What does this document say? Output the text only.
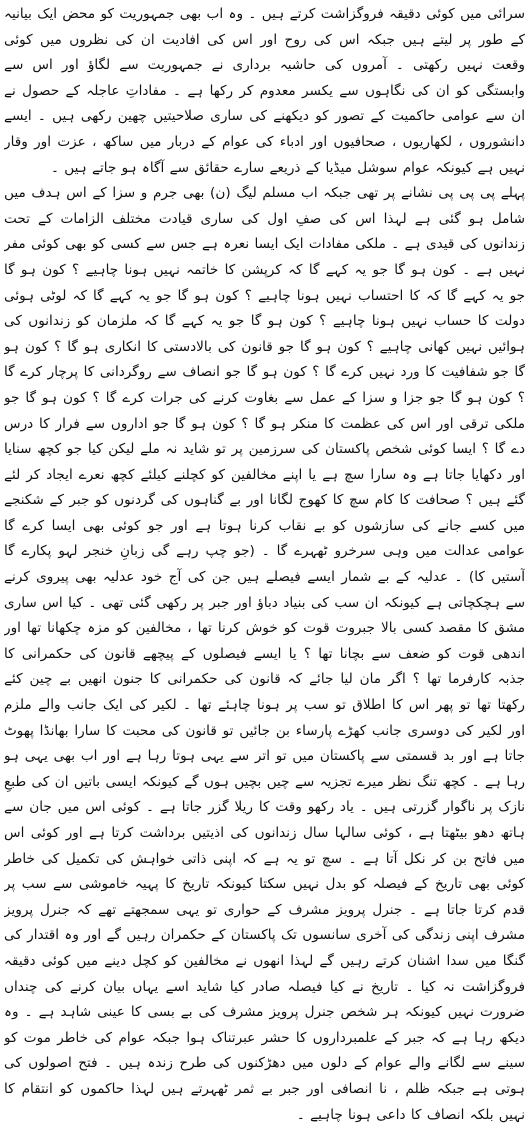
سرائی میں کوئی دقیقہ فروگزاشت کرتے ہیں ۔ وہ اب بھی جمہوریت کو محض ایک بیانیہ کے طور پر لیتے ہیں جبکہ اس کی روح اور اس کی افادیت ان کی نظروں میں کوئی وقعت نہیں رکھتی ۔ آمروں کی حاشیہ برداری نے جمہوریت سے لگاؤ اور اس سے وابستگی کو ان کی نگاہوں سے یکسر معدوم کر رکھا ہے ۔ مفاداتِ عاجلہ کے حصول نے ان سے عوامی حاکمیت کے تصور کو دیکھنے کی ساری صلاحیتیں چھین رکھی ہیں ۔ ایسے دانشوروں ، لکھاریوں ، صحافیوں اور ادباء کی عوام کے دربار میں ساکھ ، عزت اور وقار نہیں ہے کیونکہ عوام سوشل میڈیا کے ذریعے سارے حقائق سے آگاہ ہو جاتے ہیں ۔

پہلے پی پی پی نشانے پر تھی جبکہ اب مسلم لیگ (ن) بھی جرم و سزا کے اس ہدف میں شامل ہو گئی ہے لہذا اس کی صفِ اول کی ساری قیادت مختلف الزامات کے تحت زندانوں کی قیدی ہے ۔ ملکی مفادات ایک ایسا نعرہ ہے جس سے کسی کو بھی کوئی مفر نہیں ہے ۔ کون ہو گا جو یہ کہے گا کہ کرپشن کا خاتمہ نہیں ہونا چاہیے ؟ کون ہو گا جو یہ کہے گا کہ کا احتساب نہیں ہونا چاہیے ؟ کون ہو گا جو یہ کہے گا کہ لوٹی ہوئی دولت کا حساب نہیں ہونا چاہیے ؟ کون ہو گا جو یہ کہے گا کہ ملزمان کو زندانوں کی ہوائیں نہیں کھانی چاہیے ؟ کون ہو گا جو قانون کی بالادستی کا انکاری ہو گا ؟ کون ہو گا جو شفافیت کا ورد نہیں کرے گا ؟ کون ہو گا جو انصاف سے روگردانی کا پرچار کرے گا ؟ کون ہو گا جو جزا و سزا کے عمل سے بغاوت کرنے کی جرات کرے گا ؟ کون ہو گا جو ملکی ترقی اور اس کی عظمت کا منکر ہو گا ؟ کون ہو گا جو اداروں سے فرار کا درس دے گا ؟ ایسا کوئی شخص پاکستان کی سرزمین پر تو شاید نہ ملے لیکن کیا جو کچھ سنایا اور دکھایا جاتا ہے وہ سارا سچ ہے یا اپنے مخالفین کو کچلنے کیلئے کچھ نعرے ایجاد کر لئے گئے ہیں ؟ صحافت کا کام سچ کا کھوج لگانا اور بے گناہوں کی گردنوں کو جبر کے شکنجے میں کسے جانے کی سازشوں کو بے نقاب کرنا ہوتا ہے اور جو کوئی بھی ایسا کرے گا عوامی عدالت میں وہی سرخرو ٹھہرے گا ۔ (جو چپ رہے گی زبانِ خنجر لہو پکارے گا آستیں کا) ۔ عدلیہ کے بے شمار ایسے فیصلے ہیں جن کی آج خود عدلیہ بھی پیروی کرنے سے ہچکچاتی ہے کیونکہ ان سب کی بنیاد دباؤ اور جبر پر رکھی گئی تھی ۔ کیا اس ساری مشق کا مقصد کسی بالا جبروت قوت کو خوش کرنا تھا ، مخالفین کو مزہ چکھانا تھا اور اندھی قوت کو ضعف سے بچانا تھا ؟ یا ایسے فیصلوں کے پیچھے قانون کی حکمرانی کا جذبہ کارفرما تھا ؟ اگر مان لیا جائے کہ قانون کی حکمرانی کا جنون انھیں بے چین کئے رکھتا تھا تو پھر اس کا اطلاق تو سب پر ہونا چاہئے تھا ۔ لکیر کی ایک جانب والے ملزم اور لکیر کی دوسری جانب کھڑے پارساء بن جائیں تو قانون کی محبت کا سارا بھانڈا پھوٹ جاتا ہے اور بد قسمتی سے پاکستان میں تو اتر سے یہی ہوتا رہا ہے اور اب بھی یہی ہو رہا ہے ۔ کچھ تنگ نظر میرے تجزیہ سے چیں بچیں ہوں گے کیونکہ ایسی باتیں ان کی طبعِ نازک پر ناگوار گزرتی ہیں ۔ یاد رکھو وقت کا ریلا گزر جاتا ہے ۔ کوئی اس میں جان سے ہاتھ دھو بیٹھتا ہے ، کوئی سالہا سال زندانوں کی اذیتیں برداشت کرتا ہے اور کوئی اس میں فاتح بن کر نکل آتا ہے ۔ سچ تو یہ ہے کہ اپنی ذاتی خواہش کی تکمیل کی خاطر کوئی بھی تاریخ کے فیصلہ کو بدل نہیں سکتا کیونکہ تاریخ کا پہیہ خاموشی سے سب پر قدم کرتا جاتا ہے ۔ جنرل پرویز مشرف کے حواری تو یہی سمجھتے تھے کہ جنرل پرویز مشرف اپنی زندگی کی آخری سانسوں تک پاکستان کے حکمران رہیں گے اور وہ اقتدار کی گنگا میں سدا اشنان کرتے رہیں گے لہذا انھوں نے مخالفین کو کچل دینے میں کوئی دقیقہ فروگزاشت نہ کیا ۔ تاریخ نے کیا فیصلہ صادر کیا شاید اسے یہاں بیان کرنے کی چنداں ضرورت نہیں کیونکہ ہر شخص جنرل پرویز مشرف کی بے بسی کا عینی شاہد ہے ۔ وہ دیکھ رہا ہے کہ جبر کے علمبرداروں کا حشر عبرتناک ہوا جبکہ عوام کی خاطر موت کو سینے سے لگانے والے عوام کے دلوں میں دھڑکنوں کی طرح زندہ ہیں ۔ فتح اصولوں کی ہوتی ہے جبکہ ظلم ، نا انصافی اور جبر بے ثمر ٹھہرتے ہیں لہذا حاکموں کو انتقام کا نہیں بلکہ انصاف کا داعی ہونا چاہیے ۔
